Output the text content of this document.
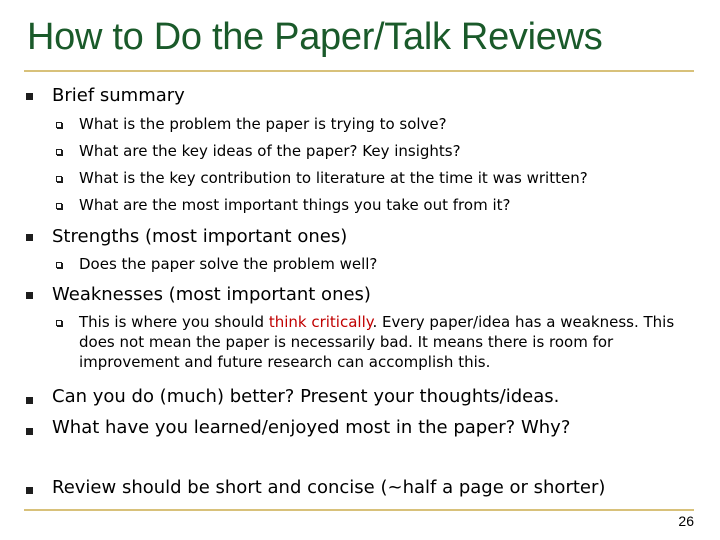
How to Do the Paper/Talk Reviews
Brief summary
What is the problem the paper is trying to solve?
What are the key ideas of the paper? Key insights?
What is the key contribution to literature at the time it was written?
What are the most important things you take out from it?
Strengths (most important ones)
Does the paper solve the problem well?
Weaknesses (most important ones)
This is where you should think critically. Every paper/idea has a weakness. This does not mean the paper is necessarily bad. It means there is room for improvement and future research can accomplish this.
Can you do (much) better? Present your thoughts/ideas.
What have you learned/enjoyed most in the paper? Why?
Review should be short and concise (~half a page or shorter)
26
